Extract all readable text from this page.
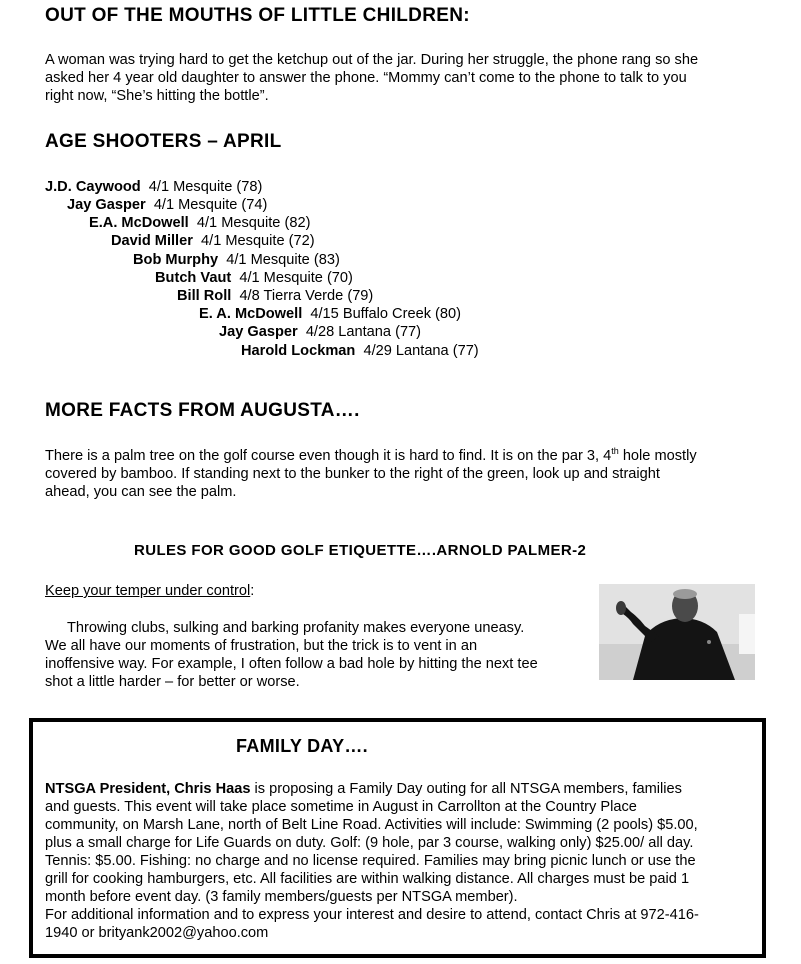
OUT OF THE MOUTHS OF LITTLE CHILDREN:
A woman was trying hard to get the ketchup out of the jar. During her struggle, the phone rang so she
asked her 4 year old daughter to answer the phone. “Mommy can’t come to the phone to talk to you
right now, “She’s hitting the bottle”.
AGE SHOOTERS – APRIL
J.D. Caywood 4/1 Mesquite (78)
Jay Gasper 4/1 Mesquite (74)
E.A. McDowell 4/1 Mesquite (82)
David Miller 4/1 Mesquite (72)
Bob Murphy 4/1 Mesquite (83)
Butch Vaut 4/1 Mesquite (70)
Bill Roll 4/8 Tierra Verde (79)
E. A. McDowell 4/15 Buffalo Creek (80)
Jay Gasper 4/28 Lantana (77)
Harold Lockman 4/29 Lantana (77)
MORE FACTS FROM AUGUSTA….
There is a palm tree on the golf course even though it is hard to find. It is on the par 3, 4th hole mostly
covered by bamboo. If standing next to the bunker to the right of the green, look up and straight
ahead, you can see the palm.
RULES FOR GOOD GOLF ETIQUETTE….ARNOLD PALMER-2
Keep your temper under control:
Throwing clubs, sulking and barking profanity makes everyone uneasy.
We all have our moments of frustration, but the trick is to vent in an
inoffensive way. For example, I often follow a bad hole by hitting the next tee
shot a little harder – for better or worse.
FAMILY DAY….
NTSGA President, Chris Haas is proposing a Family Day outing for all NTSGA members, families
and guests. This event will take place sometime in August in Carrollton at the Country Place
community, on Marsh Lane, north of Belt Line Road. Activities will include: Swimming (2 pools) $5.00,
plus a small charge for Life Guards on duty. Golf: (9 hole, par 3 course, walking only) $25.00/ all day.
Tennis: $5.00. Fishing: no charge and no license required. Families may bring picnic lunch or use the
grill for cooking hamburgers, etc. All facilities are within walking distance. All charges must be paid 1
month before event day. (3 family members/guests per NTSGA member).
For additional information and to express your interest and desire to attend, contact Chris at 972-416-
1940 or brityank2002@yahoo.com
